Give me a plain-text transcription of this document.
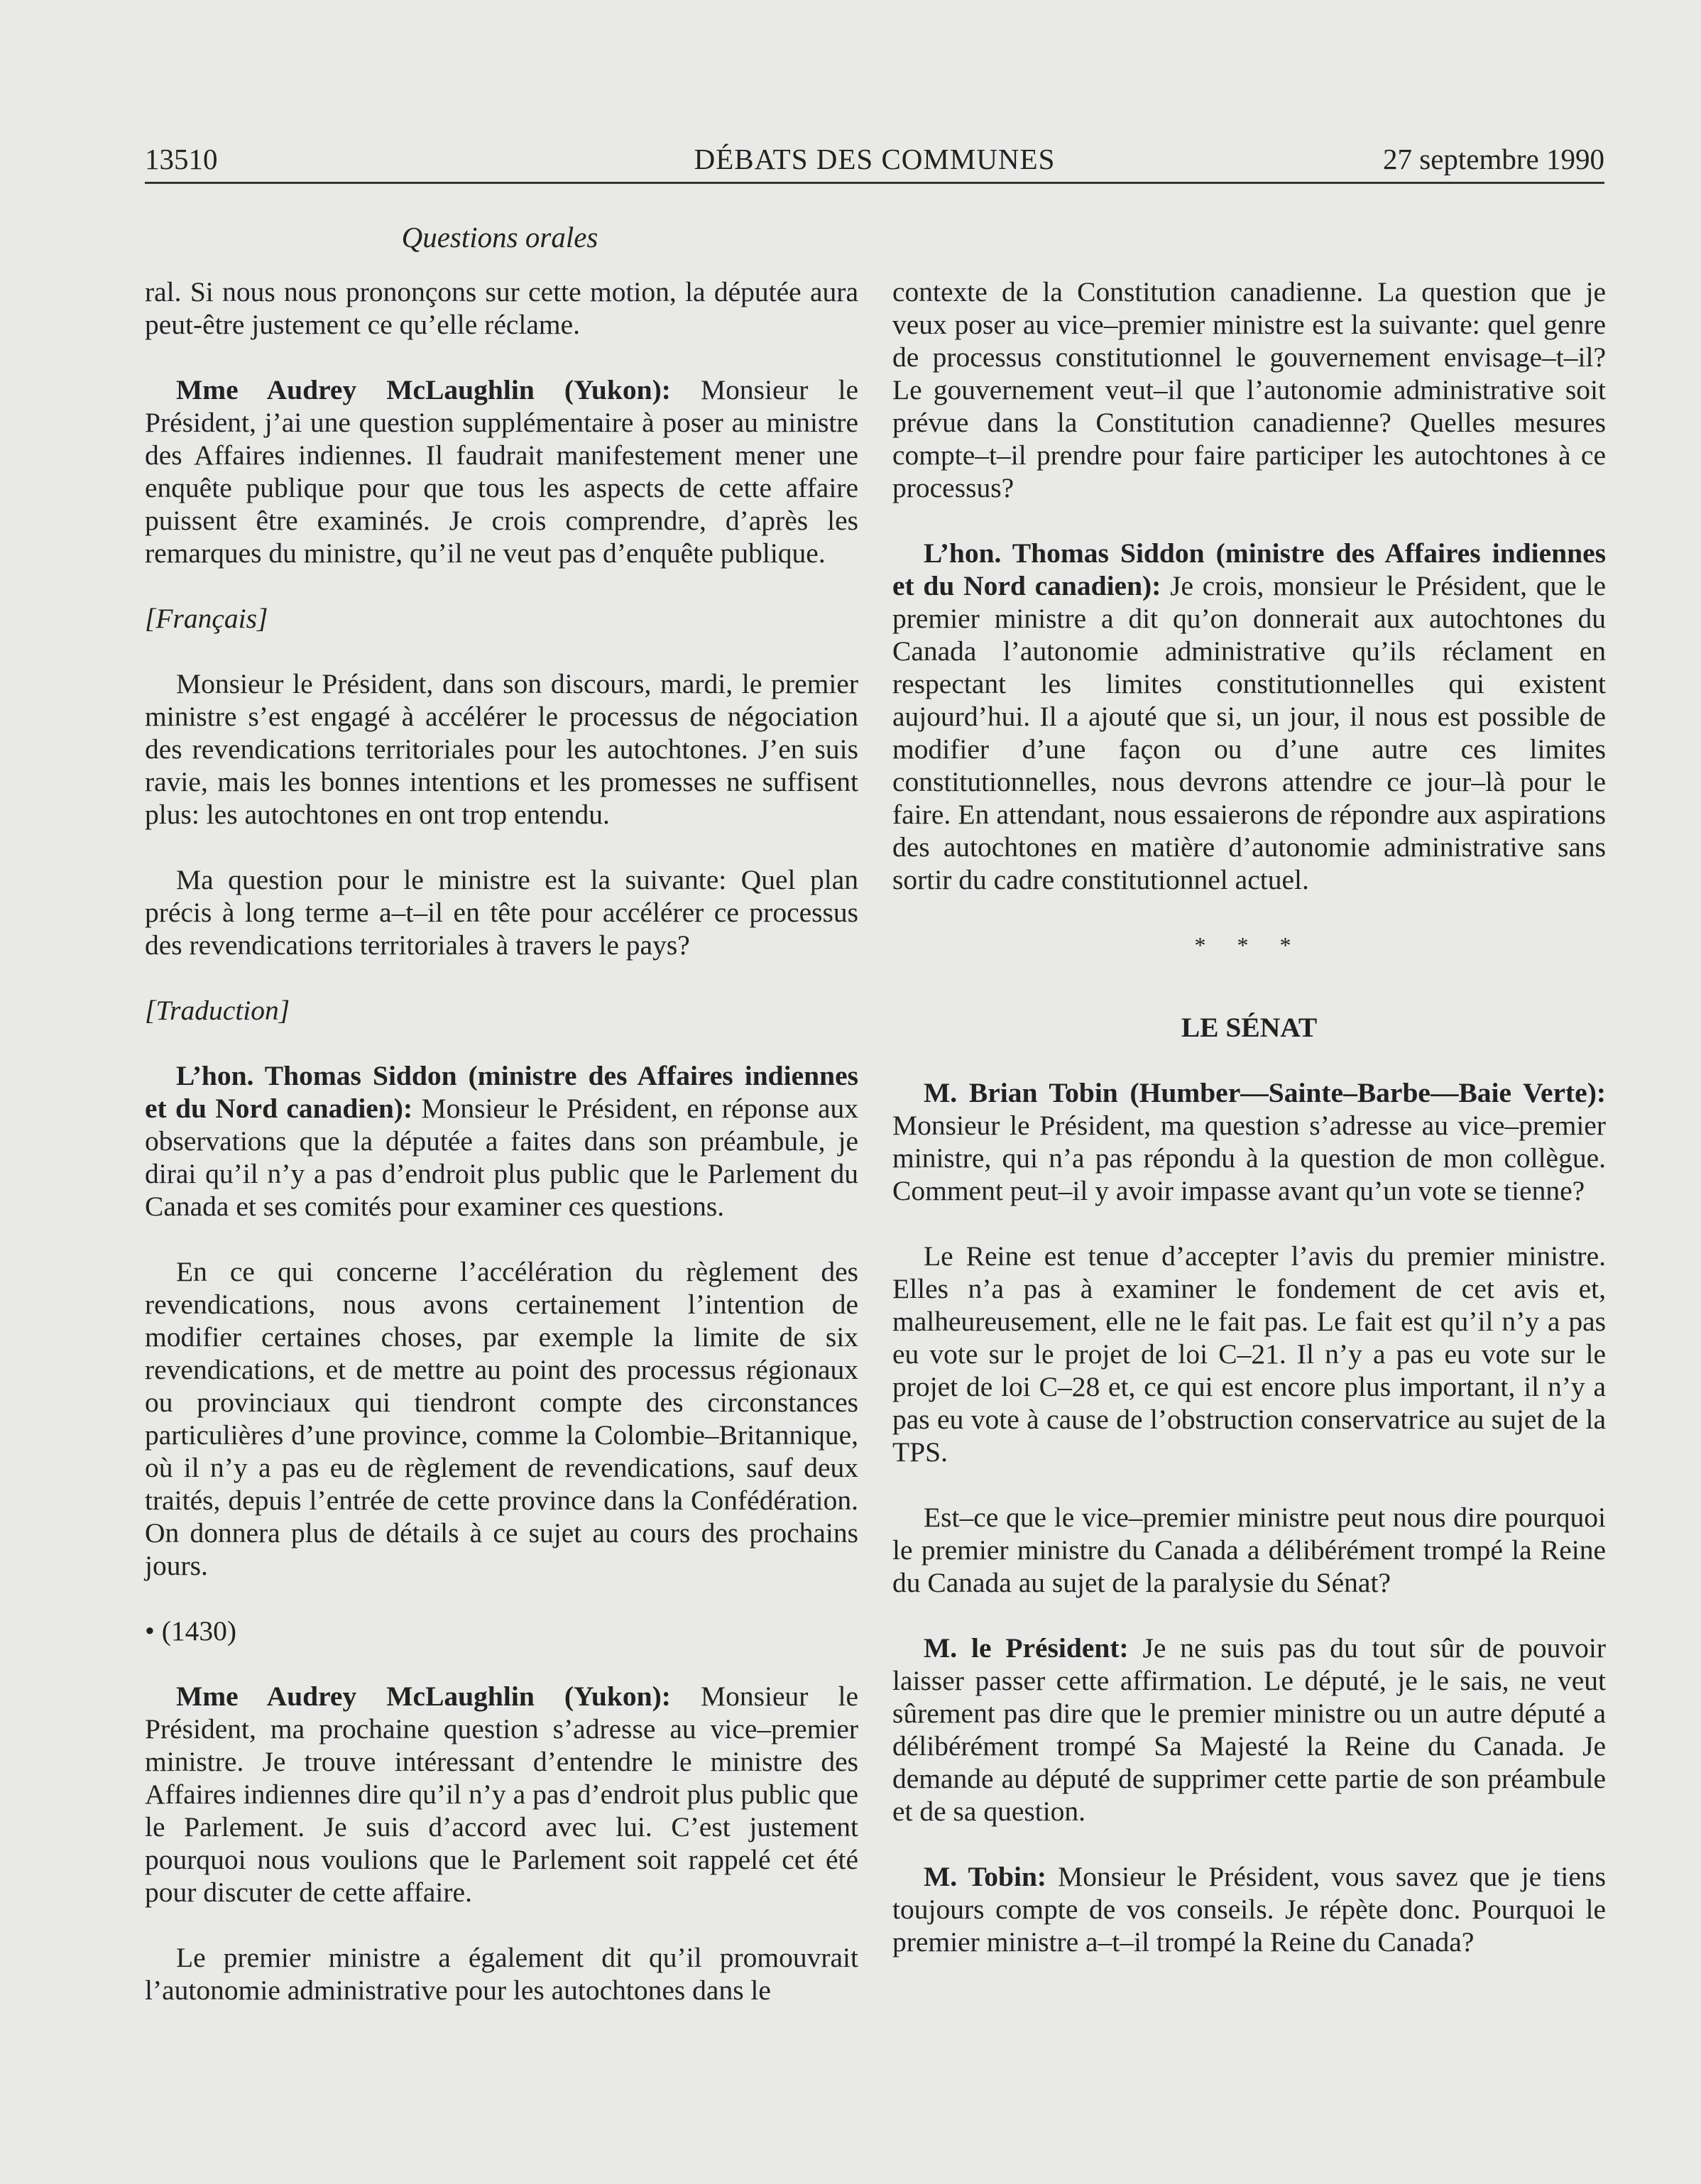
13510	DÉBATS DES COMMUNES	27 septembre 1990
Questions orales

ral. Si nous nous prononçons sur cette motion, la députée aura peut-être justement ce qu’elle réclame.

Mme Audrey McLaughlin (Yukon): Monsieur le Président, j’ai une question supplémentaire à poser au ministre des Affaires indiennes. Il faudrait manifestement mener une enquête publique pour que tous les aspects de cette affaire puissent être examinés. Je crois comprendre, d’après les remarques du ministre, qu’il ne veut pas d’enquête publique.

[Français]

Monsieur le Président, dans son discours, mardi, le premier ministre s’est engagé à accélérer le processus de négociation des revendications territoriales pour les autochtones. J’en suis ravie, mais les bonnes intentions et les promesses ne suffisent plus: les autochtones en ont trop entendu.

Ma question pour le ministre est la suivante: Quel plan précis à long terme a–t–il en tête pour accélérer ce processus des revendications territoriales à travers le pays?

[Traduction]

L’hon. Thomas Siddon (ministre des Affaires indiennes et du Nord canadien): Monsieur le Président, en réponse aux observations que la députée a faites dans son préambule, je dirai qu’il n’y a pas d’endroit plus public que le Parlement du Canada et ses comités pour examiner ces questions.

En ce qui concerne l’accélération du règlement des revendications, nous avons certainement l’intention de modifier certaines choses, par exemple la limite de six revendications, et de mettre au point des processus régionaux ou provinciaux qui tiendront compte des circonstances particulières d’une province, comme la Colombie–Britannique, où il n’y a pas eu de règlement de revendications, sauf deux traités, depuis l’entrée de cette province dans la Confédération. On donnera plus de détails à ce sujet au cours des prochains jours.

• (1430)

Mme Audrey McLaughlin (Yukon): Monsieur le Président, ma prochaine question s’adresse au vice–premier ministre. Je trouve intéressant d’entendre le ministre des Affaires indiennes dire qu’il n’y a pas d’endroit plus public que le Parlement. Je suis d’accord avec lui. C’est justement pourquoi nous voulions que le Parlement soit rappelé cet été pour discuter de cette affaire.

Le premier ministre a également dit qu’il promouvrait l’autonomie administrative pour les autochtones dans le

contexte de la Constitution canadienne. La question que je veux poser au vice–premier ministre est la suivante: quel genre de processus constitutionnel le gouvernement envisage–t–il? Le gouvernement veut–il que l’autonomie administrative soit prévue dans la Constitution canadienne? Quelles mesures compte–t–il prendre pour faire participer les autochtones à ce processus?

L’hon. Thomas Siddon (ministre des Affaires indiennes et du Nord canadien): Je crois, monsieur le Président, que le premier ministre a dit qu’on donnerait aux autochtones du Canada l’autonomie administrative qu’ils réclament en respectant les limites constitutionnelles qui existent aujourd’hui. Il a ajouté que si, un jour, il nous est possible de modifier d’une façon ou d’une autre ces limites constitutionnelles, nous devrons attendre ce jour–là pour le faire. En attendant, nous essaierons de répondre aux aspirations des autochtones en matière d’autonomie administrative sans sortir du cadre constitutionnel actuel.

* * *

LE SÉNAT

M. Brian Tobin (Humber—Sainte–Barbe—Baie Verte): Monsieur le Président, ma question s’adresse au vice–premier ministre, qui n’a pas répondu à la question de mon collègue. Comment peut–il y avoir impasse avant qu’un vote se tienne?

Le Reine est tenue d’accepter l’avis du premier ministre. Elles n’a pas à examiner le fondement de cet avis et, malheureusement, elle ne le fait pas. Le fait est qu’il n’y a pas eu vote sur le projet de loi C–21. Il n’y a pas eu vote sur le projet de loi C–28 et, ce qui est encore plus important, il n’y a pas eu vote à cause de l’obstruction conservatrice au sujet de la TPS.

Est–ce que le vice–premier ministre peut nous dire pourquoi le premier ministre du Canada a délibérément trompé la Reine du Canada au sujet de la paralysie du Sénat?

M. le Président: Je ne suis pas du tout sûr de pouvoir laisser passer cette affirmation. Le député, je le sais, ne veut sûrement pas dire que le premier ministre ou un autre député a délibérément trompé Sa Majesté la Reine du Canada. Je demande au député de supprimer cette partie de son préambule et de sa question.

M. Tobin: Monsieur le Président, vous savez que je tiens toujours compte de vos conseils. Je répète donc. Pourquoi le premier ministre a–t–il trompé la Reine du Canada?
